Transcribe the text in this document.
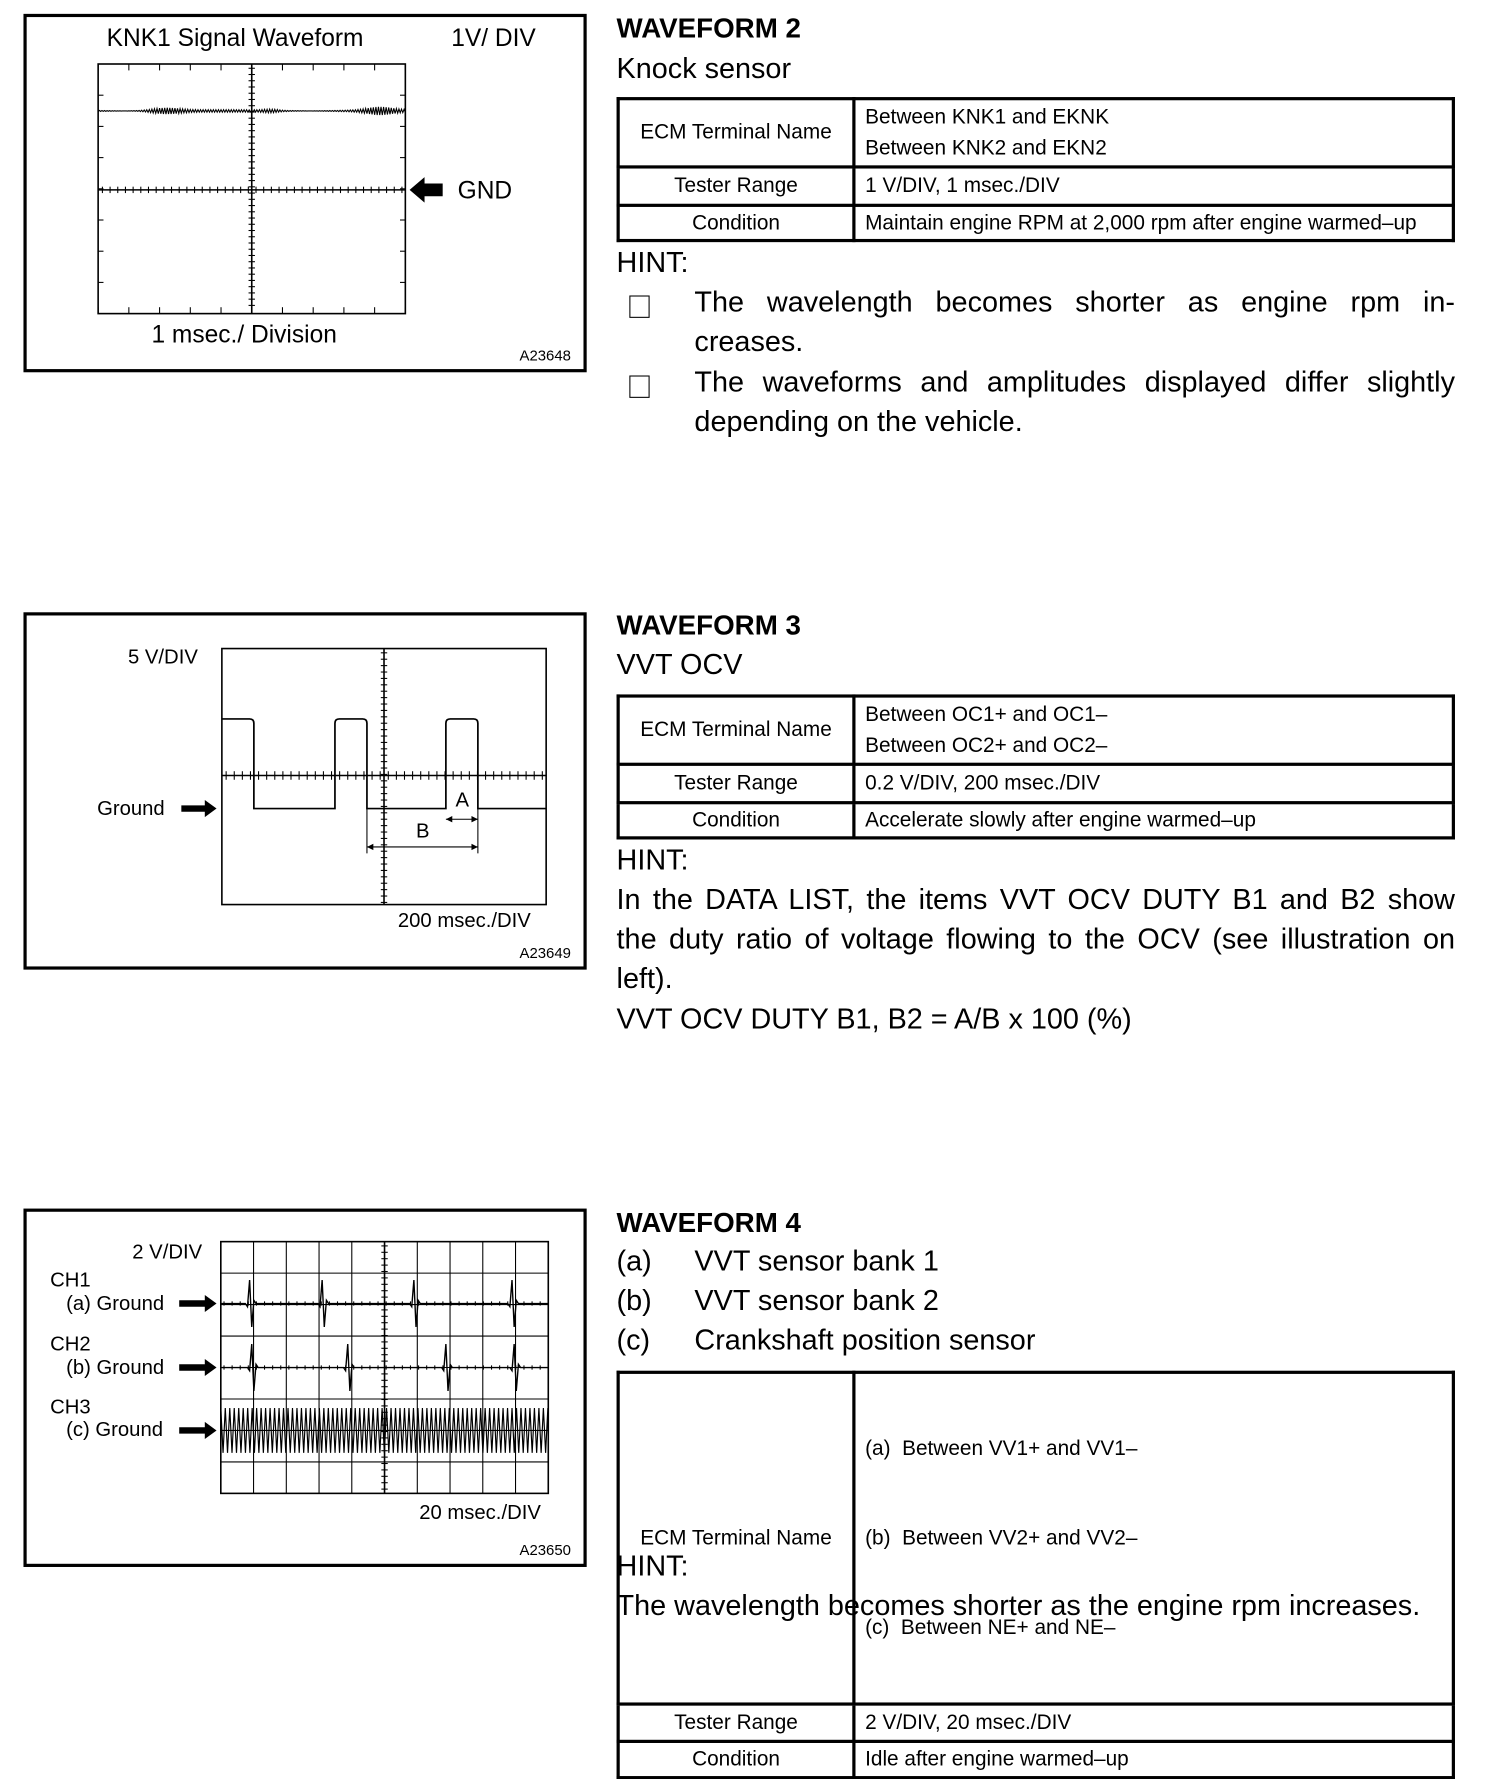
KNK1 Signal Waveform	1V/ DIV
GND
1 msec./ Division
A23648
WAVEFORM 2
Knock sensor
ECM Terminal Name	Between KNK1 and EKNK
Between KNK2 and EKN2

Tester Range	1 V/DIV, 1 msec./DIV
Condition	Maintain engine RPM at 2,000 rpm after engine warmed–up
HINT:
The wavelength becomes shorter as engine rpm in-
creases.
The waveforms and amplitudes displayed differ slightly
depending on the vehicle.
5 V/DIV
Ground	A
B
200 msec./DIV
A23649
WAVEFORM 3
VVT OCV
ECM Terminal Name	Between OC1+ and OC1–
Between OC2+ and OC2–

Tester Range	0.2 V/DIV, 200 msec./DIV
Condition	Accelerate slowly after engine warmed–up
HINT:
In the DATA LIST, the items VVT OCV DUTY B1 and B2 show
the duty ratio of voltage flowing to the OCV (see illustration on
left).
VVT OCV DUTY B1, B2 = A/B x 100 (%)
2 V/DIV
CH1
(a) Ground
CH2
(b) Ground
CH3
(c) Ground
20 msec./DIV
A23650
WAVEFORM 4
(a) VVT sensor bank 1
(b) VVT sensor bank 2
(c) Crankshaft position sensor
ECM Terminal Name	(a)  Between VV1+ and VV1–

(b)  Between VV2+ and VV2–

(c)  Between NE+ and NE–

Tester Range	2 V/DIV, 20 msec./DIV
Condition	Idle after engine warmed–up
HINT:
The wavelength becomes shorter as the engine rpm increases.
